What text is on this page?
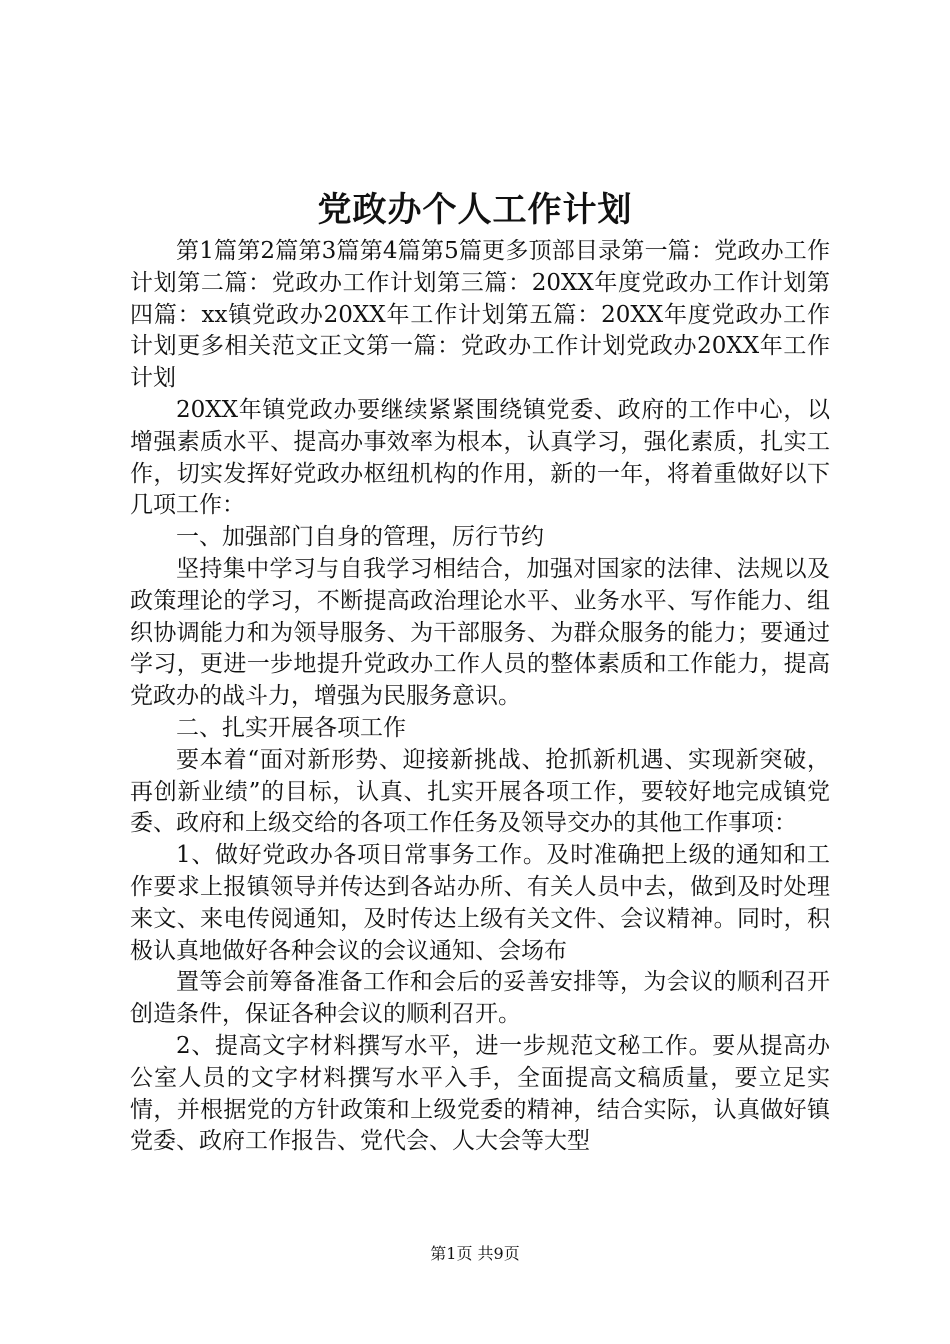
党政办个人工作计划

第1篇第2篇第3篇第4篇第5篇更多顶部目录第一篇：党政办工作计划第二篇：党政办工作计划第三篇：20XX年度党政办工作计划第四篇：xx镇党政办20XX年工作计划第五篇：20XX年度党政办工作计划更多相关范文正文第一篇：党政办工作计划党政办20XX年工作计划

20XX年镇党政办要继续紧紧围绕镇党委、政府的工作中心，以增强素质水平、提高办事效率为根本，认真学习，强化素质，扎实工作，切实发挥好党政办枢纽机构的作用，新的一年，将着重做好以下几项工作：

一、加强部门自身的管理，厉行节约

坚持集中学习与自我学习相结合，加强对国家的法律、法规以及政策理论的学习，不断提高政治理论水平、业务水平、写作能力、组织协调能力和为领导服务、为干部服务、为群众服务的能力；要通过学习，更进一步地提升党政办工作人员的整体素质和工作能力，提高党政办的战斗力，增强为民服务意识。

二、扎实开展各项工作

要本着“面对新形势、迎接新挑战、抢抓新机遇、实现新突破，再创新业绩”的目标，认真、扎实开展各项工作，要较好地完成镇党委、政府和上级交给的各项工作任务及领导交办的其他工作事项：

1、做好党政办各项日常事务工作。及时准确把上级的通知和工作要求上报镇领导并传达到各站办所、有关人员中去，做到及时处理来文、来电传阅通知，及时传达上级有关文件、会议精神。同时，积极认真地做好各种会议的会议通知、会场布

置等会前筹备准备工作和会后的妥善安排等，为会议的顺利召开创造条件，保证各种会议的顺利召开。

2、提高文字材料撰写水平，进一步规范文秘工作。要从提高办公室人员的文字材料撰写水平入手，全面提高文稿质量，要立足实情，并根据党的方针政策和上级党委的精神，结合实际，认真做好镇党委、政府工作报告、党代会、人大会等大型

第1页 共9页
